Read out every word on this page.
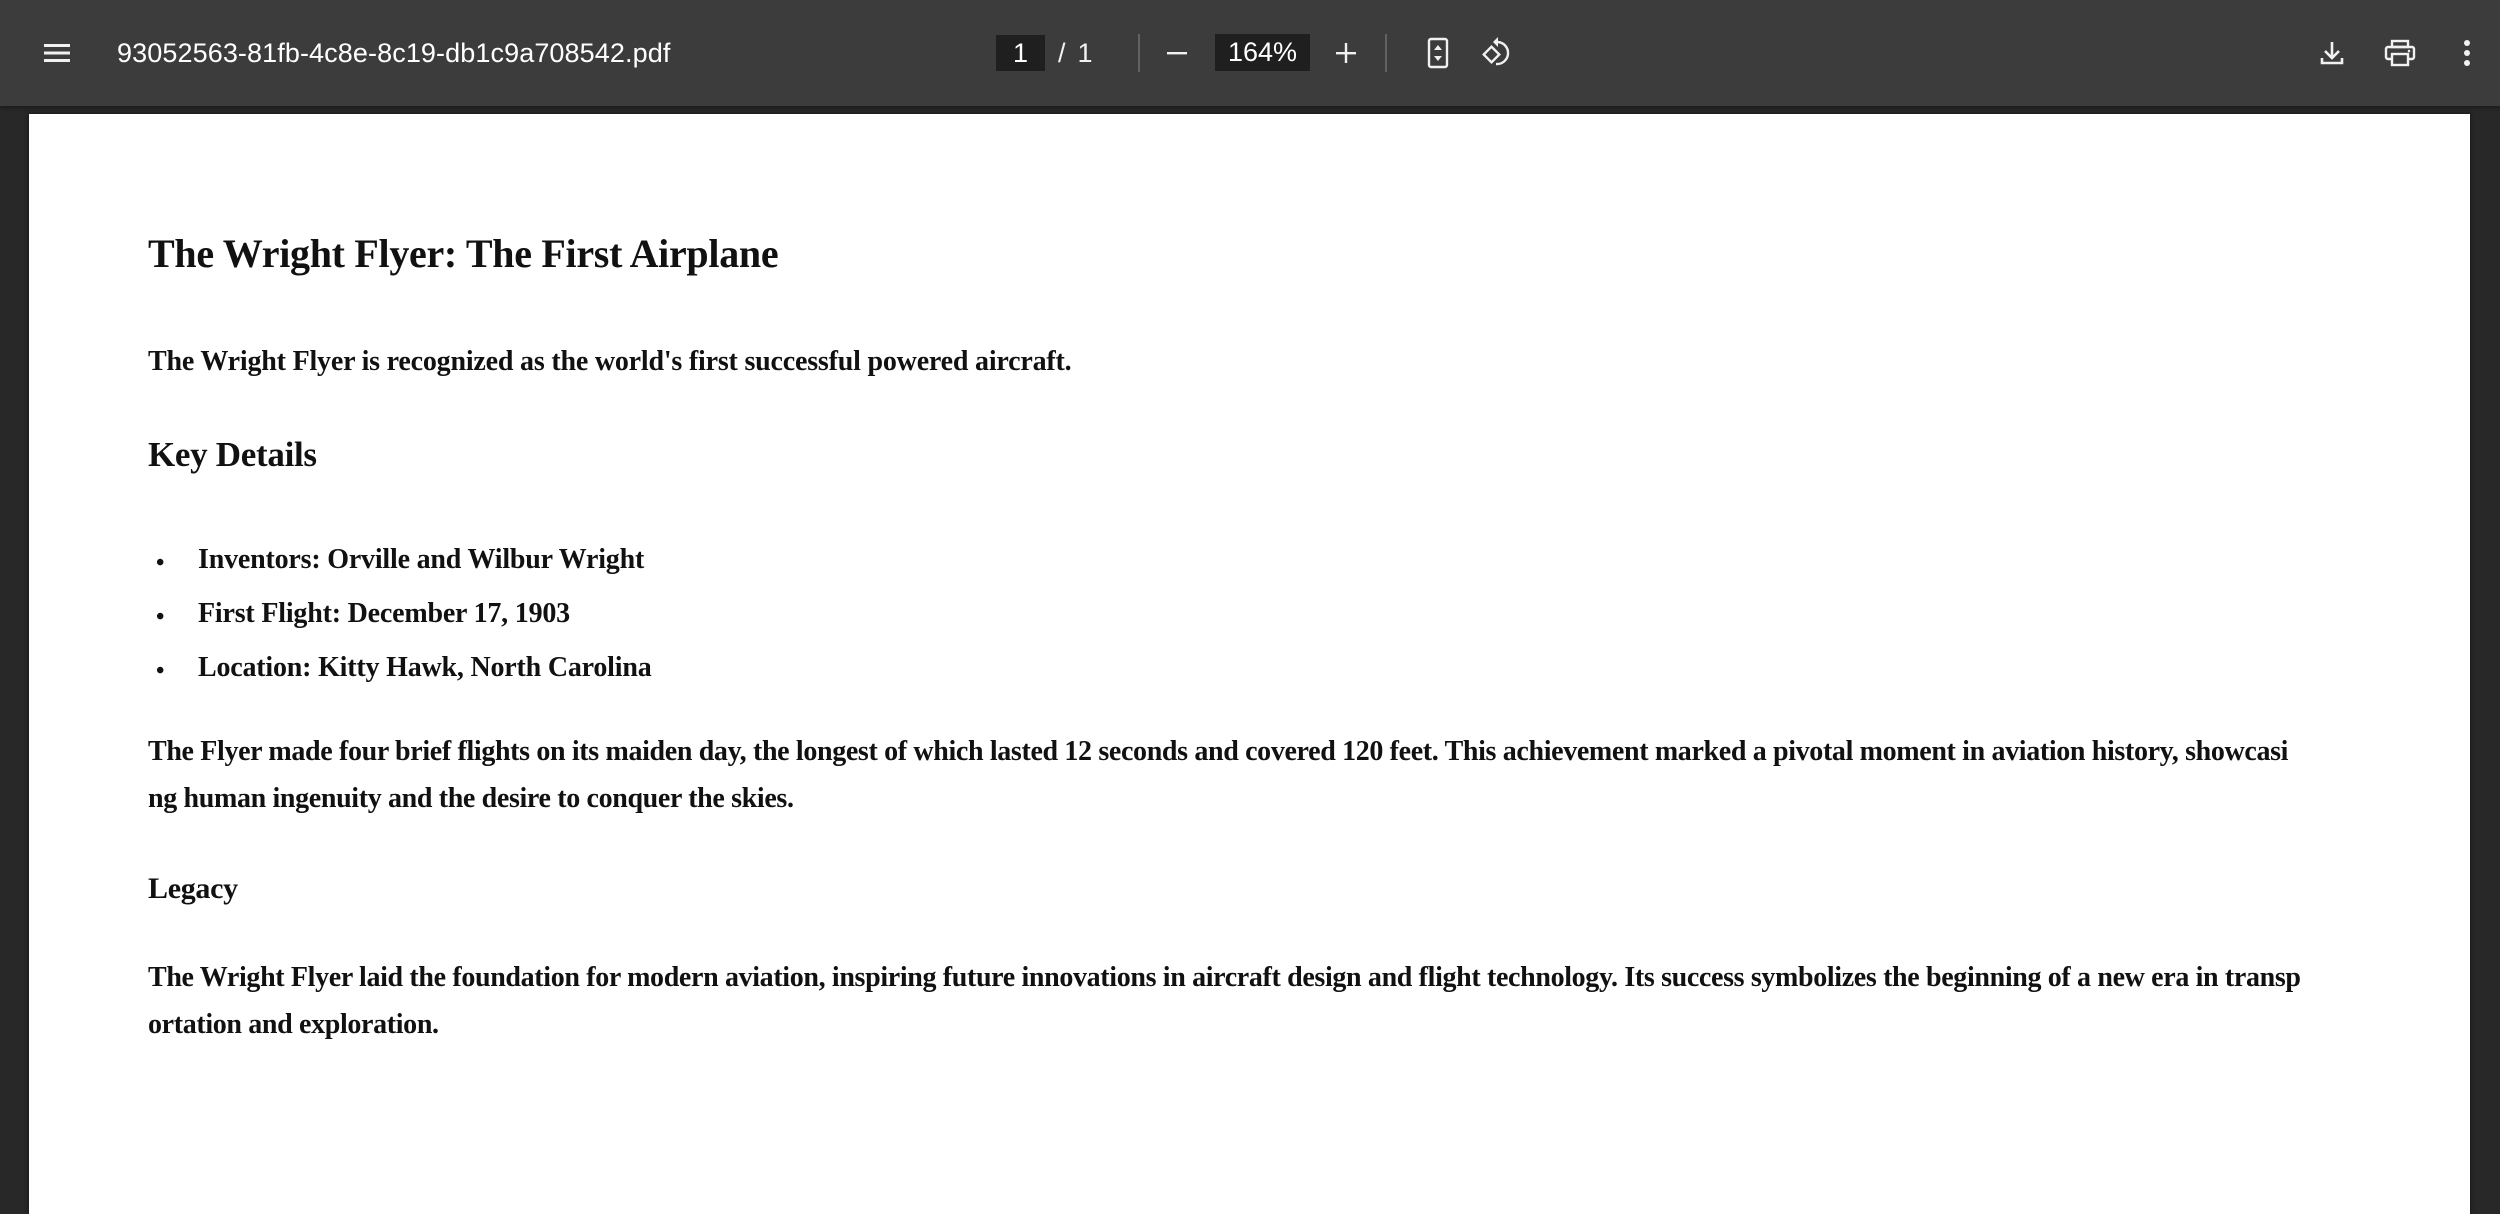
93052563-81fb-4c8e-8c19-db1c9a708542.pdf	1	/ 1	164%
The Wright Flyer: The First Airplane
The Wright Flyer is recognized as the world's first successful powered aircraft.
Key Details
• Inventors: Orville and Wilbur Wright
• First Flight: December 17, 1903
• Location: Kitty Hawk, North Carolina
The Flyer made four brief flights on its maiden day, the longest of which lasted 12 seconds and covered 120 feet. This achievement marked a pivotal moment in aviation history, showcasi
ng human ingenuity and the desire to conquer the skies.
Legacy
The Wright Flyer laid the foundation for modern aviation, inspiring future innovations in aircraft design and flight technology. Its success symbolizes the beginning of a new era in transp
ortation and exploration.
